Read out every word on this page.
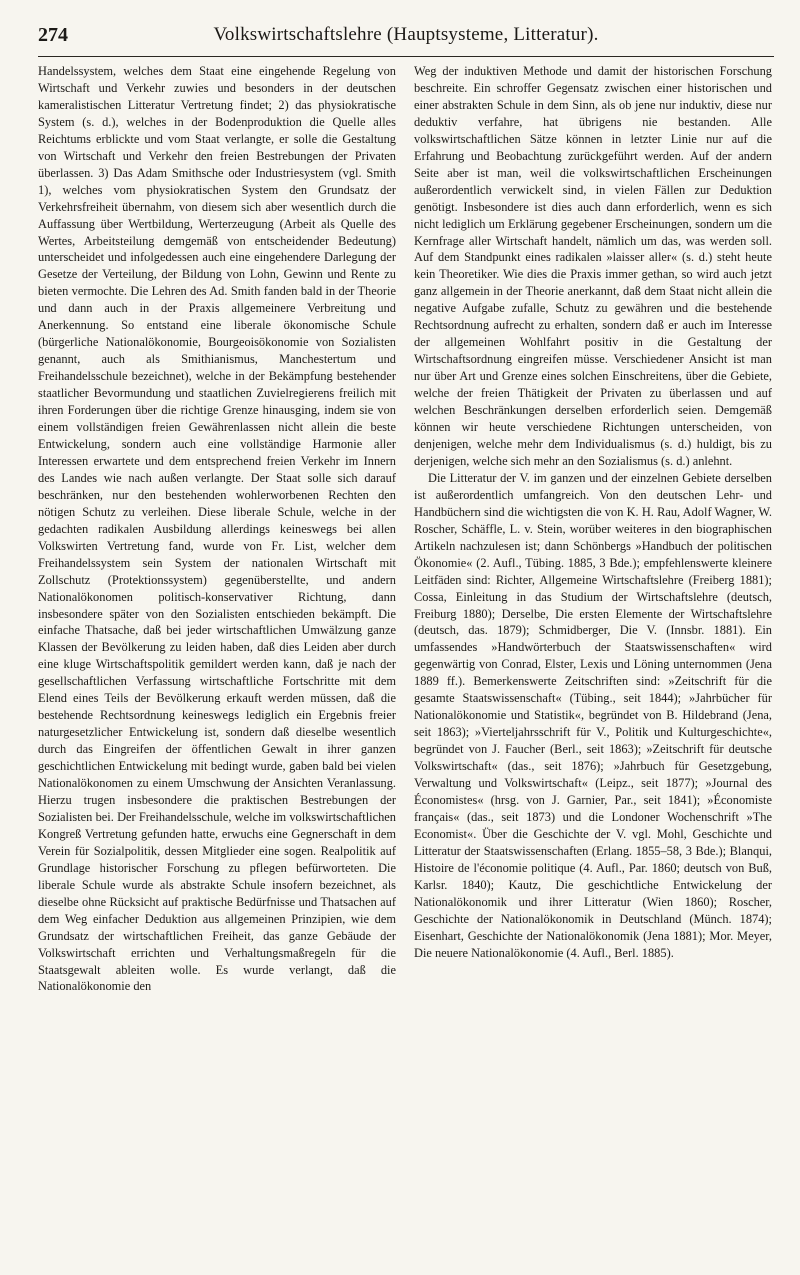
274	Volkswirtschaftslehre (Hauptsysteme, Litteratur).

Handelssystem, welches dem Staat eine eingehende Regelung von Wirtschaft und Verkehr zuwies und besonders in der deutschen kameralistischen Litteratur Vertretung findet; 2) das physiokratische System (s. d.), welches in der Bodenproduktion die Quelle alles Reichtums erblickte und vom Staat verlangte, er solle die Gestaltung von Wirtschaft und Verkehr den freien Bestrebungen der Privaten überlassen. 3) Das Adam Smithsche oder Industriesystem (vgl. Smith 1), welches vom physiokratischen System den Grundsatz der Verkehrsfreiheit übernahm, von diesem sich aber wesentlich durch die Auffassung über Wertbildung, Werterzeugung (Arbeit als Quelle des Wertes, Arbeitsteilung demgemäß von entscheidender Bedeutung) unterscheidet und infolgedessen auch eine eingehendere Darlegung der Gesetze der Verteilung, der Bildung von Lohn, Gewinn und Rente zu bieten vermochte. Die Lehren des Ad. Smith fanden bald in der Theorie und dann auch in der Praxis allgemeinere Verbreitung und Anerkennung. So entstand eine liberale ökonomische Schule (bürgerliche Nationalökonomie, Bourgeoisökonomie von Sozialisten genannt, auch als Smithianismus, Manchestertum und Freihandelsschule bezeichnet), welche in der Bekämpfung bestehender staatlicher Bevormundung und staatlichen Zuvielregierens freilich mit ihren Forderungen über die richtige Grenze hinausging, indem sie von einem vollständigen freien Gewährenlassen nicht allein die beste Entwickelung, sondern auch eine vollständige Harmonie aller Interessen erwartete und dem entsprechend freien Verkehr im Innern des Landes wie nach außen verlangte. Der Staat solle sich darauf beschränken, nur den bestehenden wohlerworbenen Rechten den nötigen Schutz zu verleihen. Diese liberale Schule, welche in der gedachten radikalen Ausbildung allerdings keineswegs bei allen Volkswirten Vertretung fand, wurde von Fr. List, welcher dem Freihandelssystem sein System der nationalen Wirtschaft mit Zollschutz (Protektionssystem) gegenüberstellte, und andern Nationalökonomen politisch-konservativer Richtung, dann insbesondere später von den Sozialisten entschieden bekämpft. Die einfache Thatsache, daß bei jeder wirtschaftlichen Umwälzung ganze Klassen der Bevölkerung zu leiden haben, daß dies Leiden aber durch eine kluge Wirtschaftspolitik gemildert werden kann, daß je nach der gesellschaftlichen Verfassung wirtschaftliche Fortschritte mit dem Elend eines Teils der Bevölkerung erkauft werden müssen, daß die bestehende Rechtsordnung keineswegs lediglich ein Ergebnis freier naturgesetzlicher Entwickelung ist, sondern daß dieselbe wesentlich durch das Eingreifen der öffentlichen Gewalt in ihrer ganzen geschichtlichen Entwickelung mit bedingt wurde, gaben bald bei vielen Nationalökonomen zu einem Umschwung der Ansichten Veranlassung. Hierzu trugen insbesondere die praktischen Bestrebungen der Sozialisten bei. Der Freihandelsschule, welche im volkswirtschaftlichen Kongreß Vertretung gefunden hatte, erwuchs eine Gegnerschaft in dem Verein für Sozialpolitik, dessen Mitglieder eine sogen. Realpolitik auf Grundlage historischer Forschung zu pflegen befürworteten. Die liberale Schule wurde als abstrakte Schule insofern bezeichnet, als dieselbe ohne Rücksicht auf praktische Bedürfnisse und Thatsachen auf dem Weg einfacher Deduktion aus allgemeinen Prinzipien, wie dem Grundsatz der wirtschaftlichen Freiheit, das ganze Gebäude der Volkswirtschaft errichten und Verhaltungsmaßregeln für die Staatsgewalt ableiten wolle. Es wurde verlangt, daß die Nationalökonomie den

Weg der induktiven Methode und damit der historischen Forschung beschreite. Ein schroffer Gegensatz zwischen einer historischen und einer abstrakten Schule in dem Sinn, als ob jene nur induktiv, diese nur deduktiv verfahre, hat übrigens nie bestanden. Alle volkswirtschaftlichen Sätze können in letzter Linie nur auf die Erfahrung und Beobachtung zurückgeführt werden. Auf der andern Seite aber ist man, weil die volkswirtschaftlichen Erscheinungen außerordentlich verwickelt sind, in vielen Fällen zur Deduktion genötigt. Insbesondere ist dies auch dann erforderlich, wenn es sich nicht lediglich um Erklärung gegebener Erscheinungen, sondern um die Kernfrage aller Wirtschaft handelt, nämlich um das, was werden soll. Auf dem Standpunkt eines radikalen »laisser aller« (s. d.) steht heute kein Theoretiker. Wie dies die Praxis immer gethan, so wird auch jetzt ganz allgemein in der Theorie anerkannt, daß dem Staat nicht allein die negative Aufgabe zufalle, Schutz zu gewähren und die bestehende Rechtsordnung aufrecht zu erhalten, sondern daß er auch im Interesse der allgemeinen Wohlfahrt positiv in die Gestaltung der Wirtschaftsordnung eingreifen müsse. Verschiedener Ansicht ist man nur über Art und Grenze eines solchen Einschreitens, über die Gebiete, welche der freien Thätigkeit der Privaten zu überlassen und auf welchen Beschränkungen derselben erforderlich seien. Demgemäß können wir heute verschiedene Richtungen unterscheiden, von denjenigen, welche mehr dem Individualismus (s. d.) huldigt, bis zu derjenigen, welche sich mehr an den Sozialismus (s. d.) anlehnt.

Die Litteratur der V. im ganzen und der einzelnen Gebiete derselben ist außerordentlich umfangreich. Von den deutschen Lehr- und Handbüchern sind die wichtigsten die von K. H. Rau, Adolf Wagner, W. Roscher, Schäffle, L. v. Stein, worüber weiteres in den biographischen Artikeln nachzulesen ist; dann Schönbergs »Handbuch der politischen Ökonomie« (2. Aufl., Tübing. 1885, 3 Bde.); empfehlenswerte kleinere Leitfäden sind: Richter, Allgemeine Wirtschaftslehre (Freiberg 1881); Cossa, Einleitung in das Studium der Wirtschaftslehre (deutsch, Freiburg 1880); Derselbe, Die ersten Elemente der Wirtschaftslehre (deutsch, das. 1879); Schmidberger, Die V. (Innsbr. 1881). Ein umfassendes »Handwörterbuch der Staatswissenschaften« wird gegenwärtig von Conrad, Elster, Lexis und Löning unternommen (Jena 1889 ff.). Bemerkenswerte Zeitschriften sind: »Zeitschrift für die gesamte Staatswissenschaft« (Tübing., seit 1844); »Jahrbücher für Nationalökonomie und Statistik«, begründet von B. Hildebrand (Jena, seit 1863); »Vierteljahrsschrift für V., Politik und Kulturgeschichte«, begründet von J. Faucher (Berl., seit 1863); »Zeitschrift für deutsche Volkswirtschaft« (das., seit 1876); »Jahrbuch für Gesetzgebung, Verwaltung und Volkswirtschaft« (Leipz., seit 1877); »Journal des Économistes« (hrsg. von J. Garnier, Par., seit 1841); »Économiste français« (das., seit 1873) und die Londoner Wochenschrift »The Economist«. Über die Geschichte der V. vgl. Mohl, Geschichte und Litteratur der Staatswissenschaften (Erlang. 1855–58, 3 Bde.); Blanqui, Histoire de l'économie politique (4. Aufl., Par. 1860; deutsch von Buß, Karlsr. 1840); Kautz, Die geschichtliche Entwickelung der Nationalökonomik und ihrer Litteratur (Wien 1860); Roscher, Geschichte der Nationalökonomik in Deutschland (Münch. 1874); Eisenhart, Geschichte der Nationalökonomik (Jena 1881); Mor. Meyer, Die neuere Nationalökonomie (4. Aufl., Berl. 1885).
